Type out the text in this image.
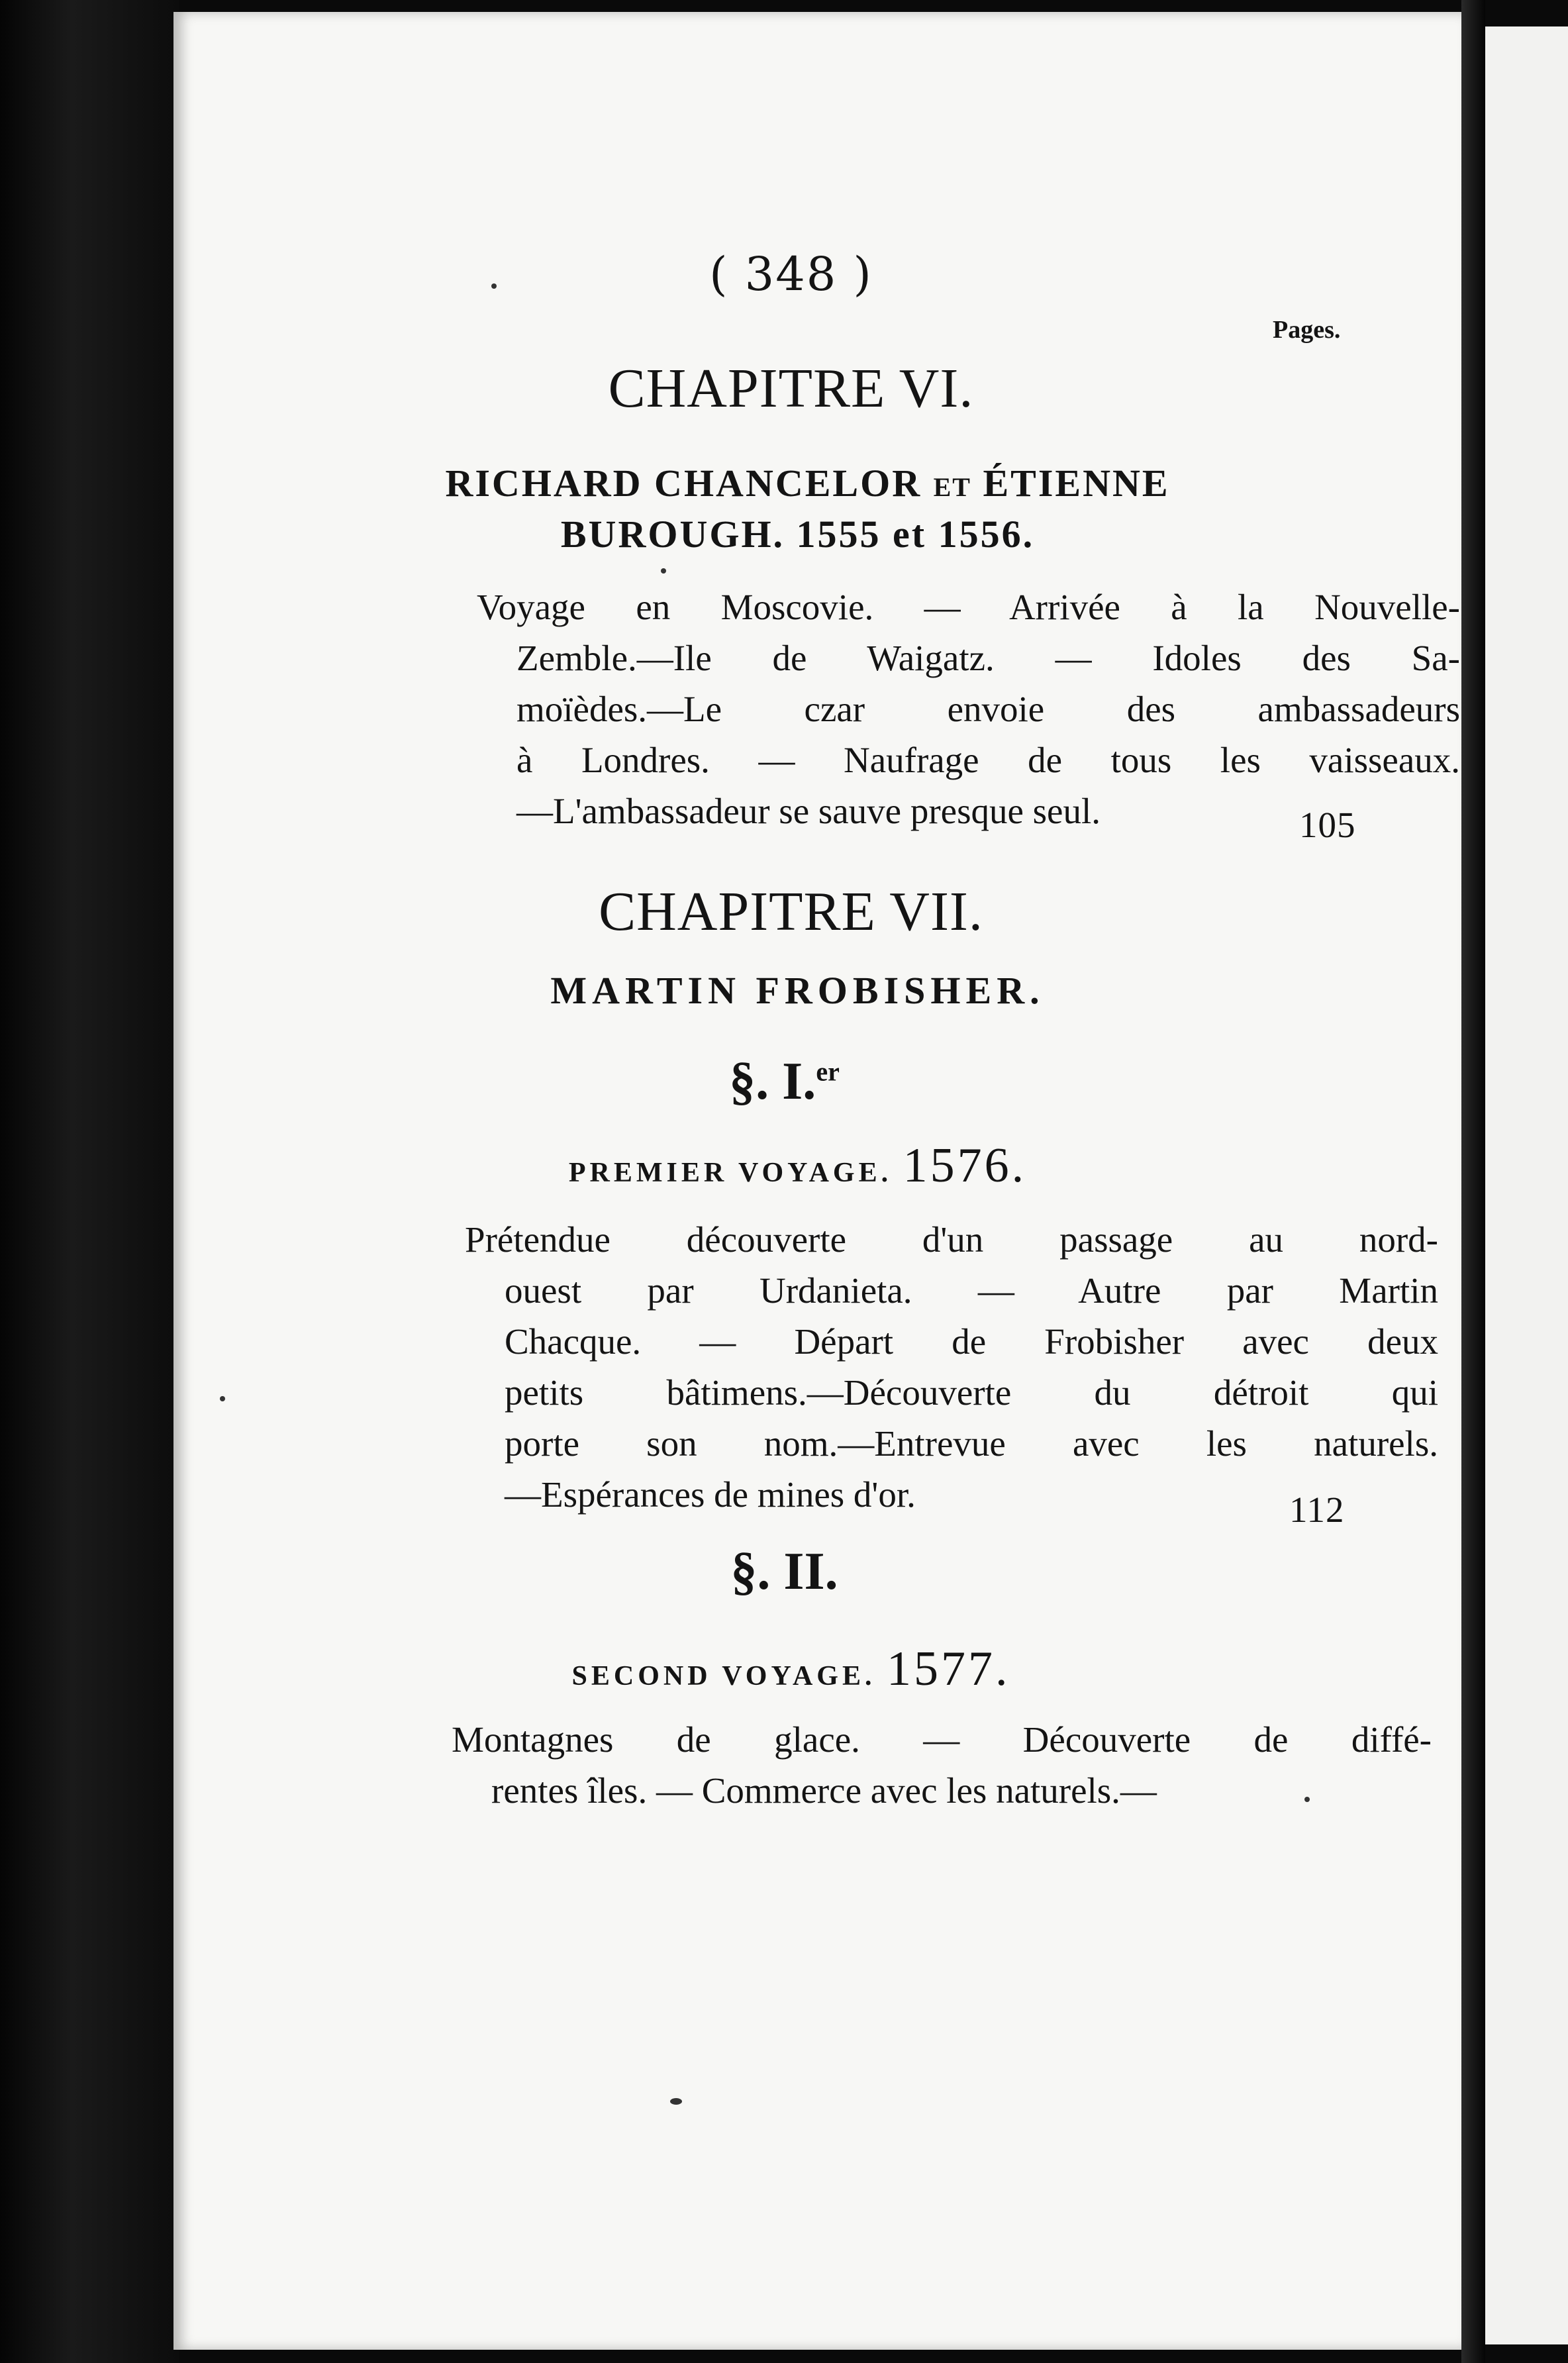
( 348 )
Pages.
CHAPITRE VI.
RICHARD CHANCELOR ET ÉTIENNE
BUROUGH. 1555 et 1556.
Voyage en Moscovie. — Arrivée à la Nouvelle-
Zemble.—Ile de Waigatz. — Idoles des Sa-
moïèdes.—Le czar envoie des ambassadeurs
à Londres. — Naufrage de tous les vaisseaux.
—L'ambassadeur se sauve presque seul.	105
CHAPITRE VII.
MARTIN FROBISHER.
§. I.$^{er}$
PREMIER VOYAGE. 1576.
Prétendue découverte d'un passage au nord-
ouest par Urdanieta. — Autre par Martin
Chacque. — Départ de Frobisher avec deux
petits bâtimens.—Découverte du détroit qui
porte son nom.—Entrevue avec les naturels.
—Espérances de mines d'or.	112
§. II.
SECOND VOYAGE. 1577.
Montagnes de glace. — Découverte de diffé-
rentes îles. — Commerce avec les naturels.—
